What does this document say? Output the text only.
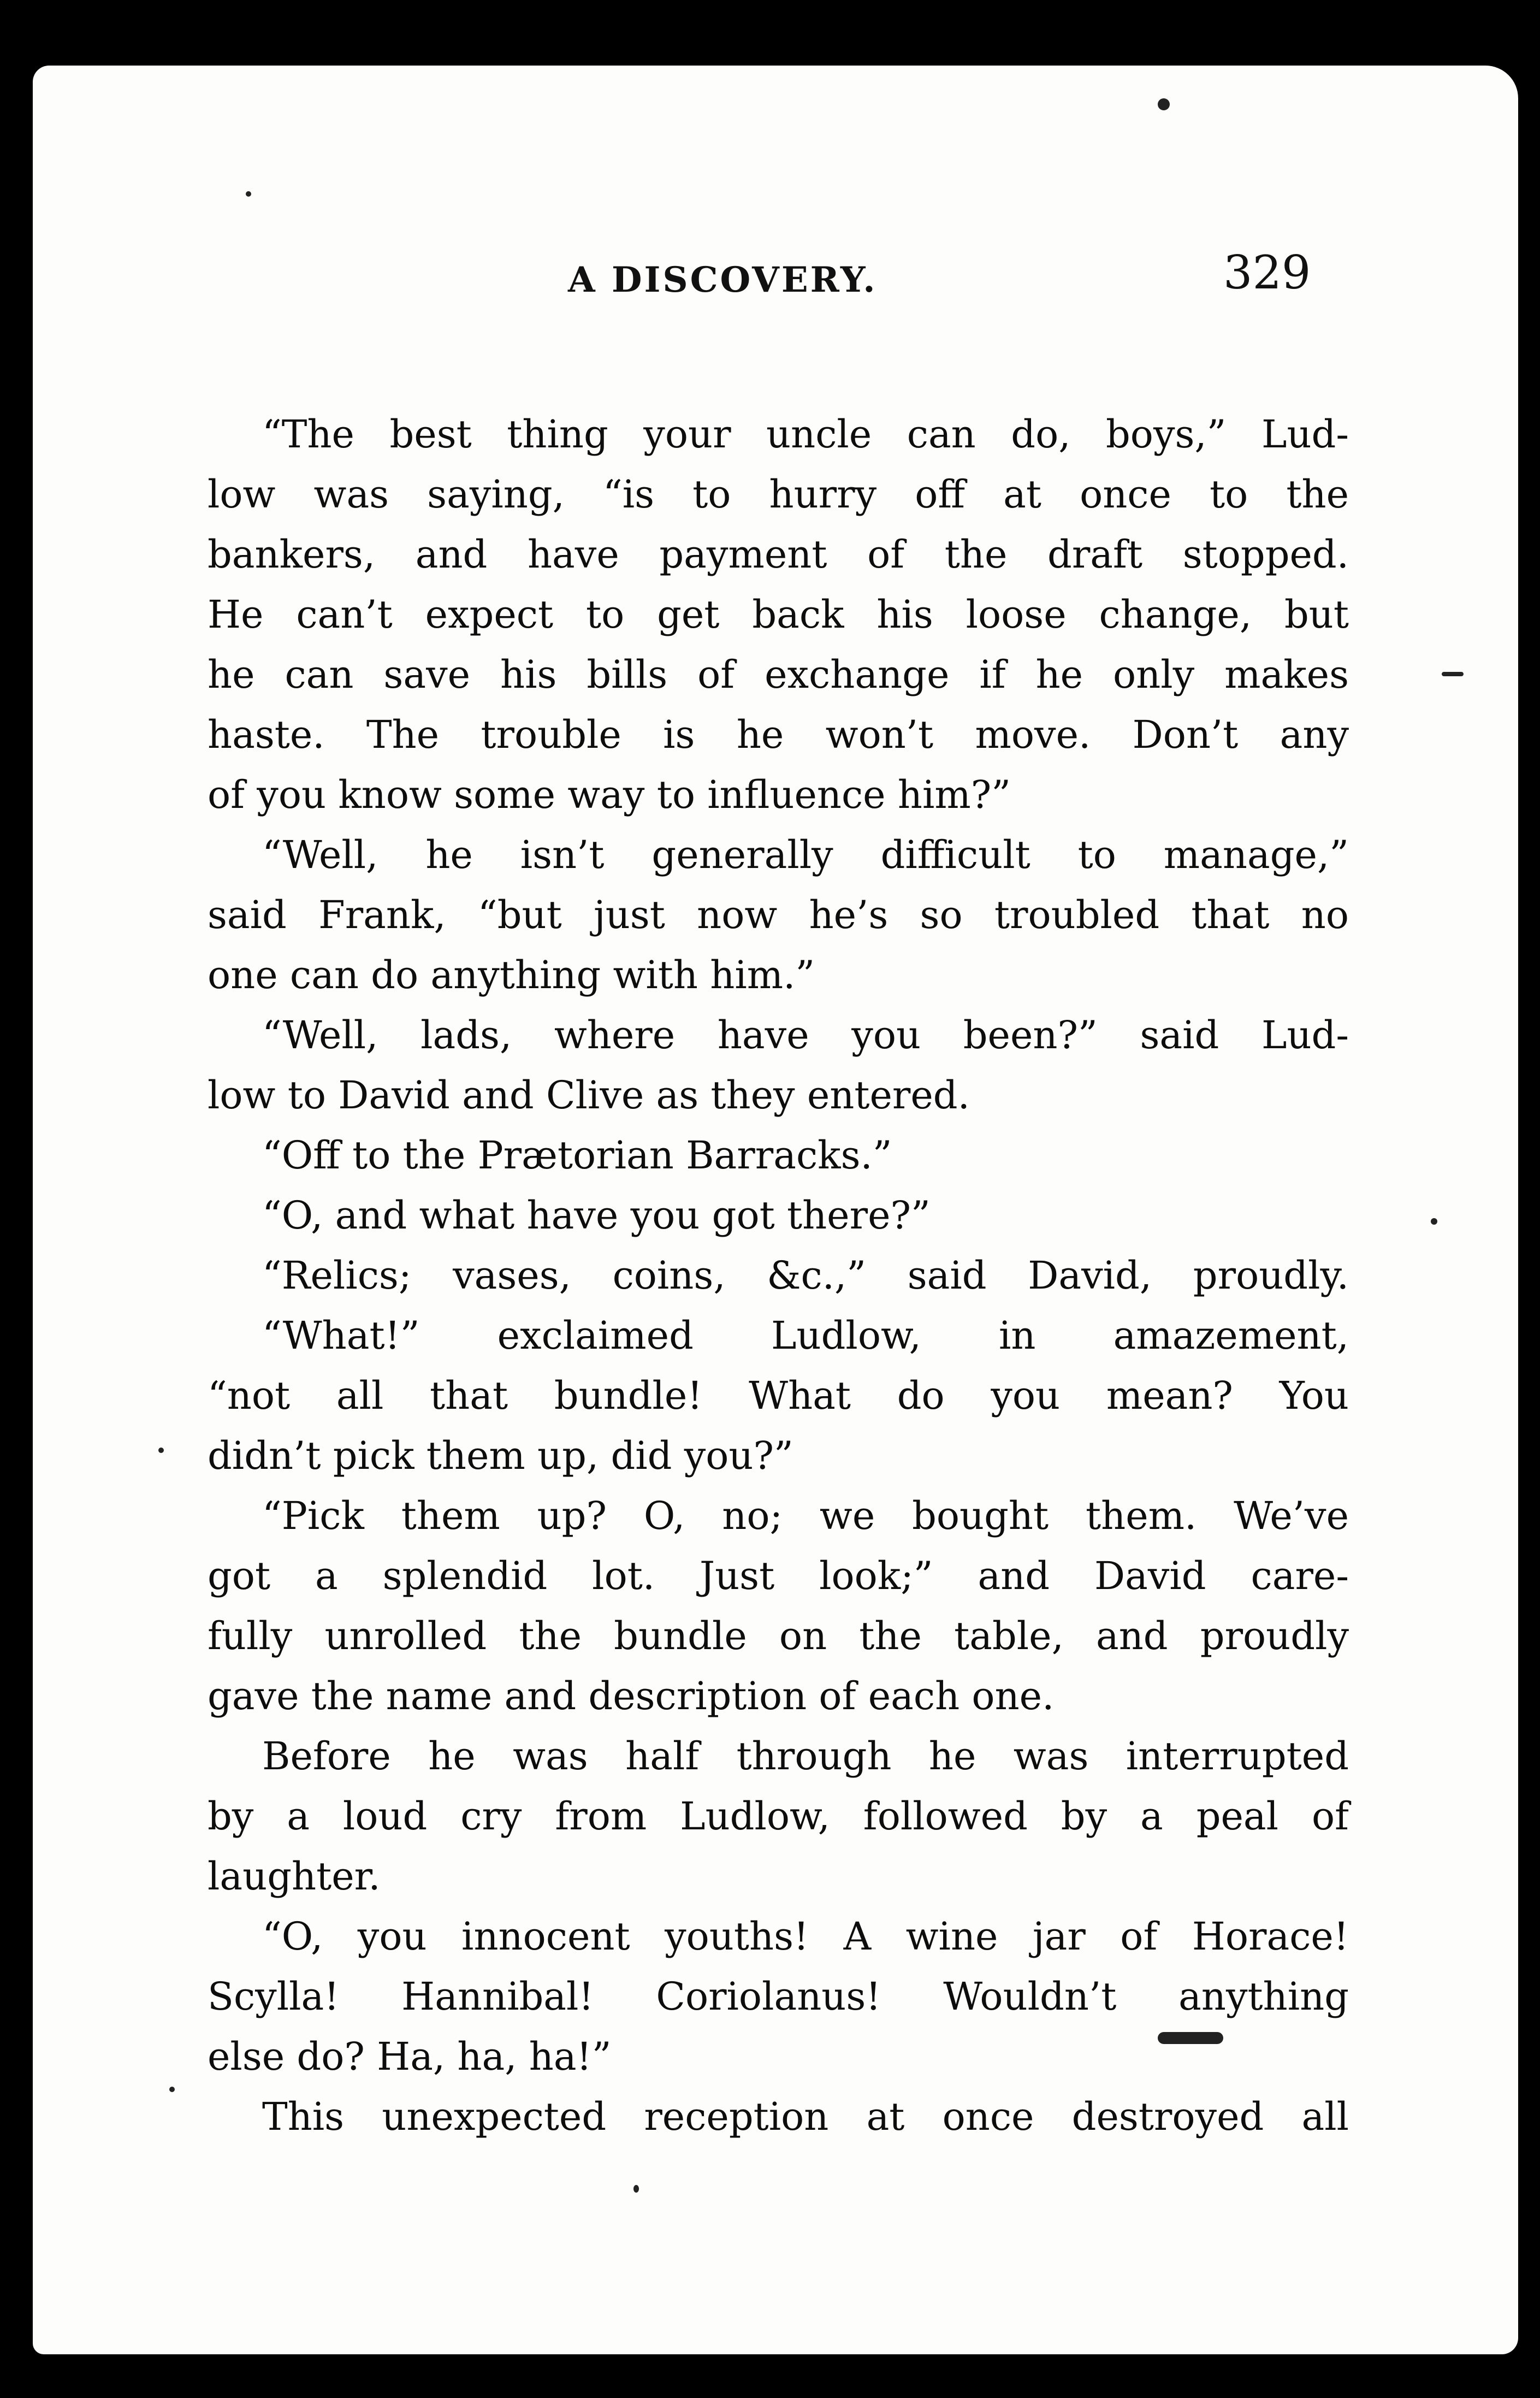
A DISCOVERY.	329
“The best thing your uncle can do, boys,” Lud-
low was saying, “is to hurry off at once to the
bankers, and have payment of the draft stopped.
He can’t expect to get back his loose change, but
he can save his bills of exchange if he only makes
haste. The trouble is he won’t move. Don’t any
of you know some way to influence him?”
“Well, he isn’t generally difficult to manage,”
said Frank, “but just now he’s so troubled that no
one can do anything with him.”
“Well, lads, where have you been?” said Lud-
low to David and Clive as they entered.
“Off to the Prætorian Barracks.”
“O, and what have you got there?”
“Relics; vases, coins, &c.,” said David, proudly.
“What!” exclaimed Ludlow, in amazement,
“not all that bundle! What do you mean? You
didn’t pick them up, did you?”
“Pick them up? O, no; we bought them. We’ve
got a splendid lot. Just look;” and David care-
fully unrolled the bundle on the table, and proudly
gave the name and description of each one.
Before he was half through he was interrupted
by a loud cry from Ludlow, followed by a peal of
laughter.
“O, you innocent youths! A wine jar of Horace!
Scylla! Hannibal! Coriolanus! Wouldn’t anything
else do? Ha, ha, ha!”
This unexpected reception at once destroyed all
